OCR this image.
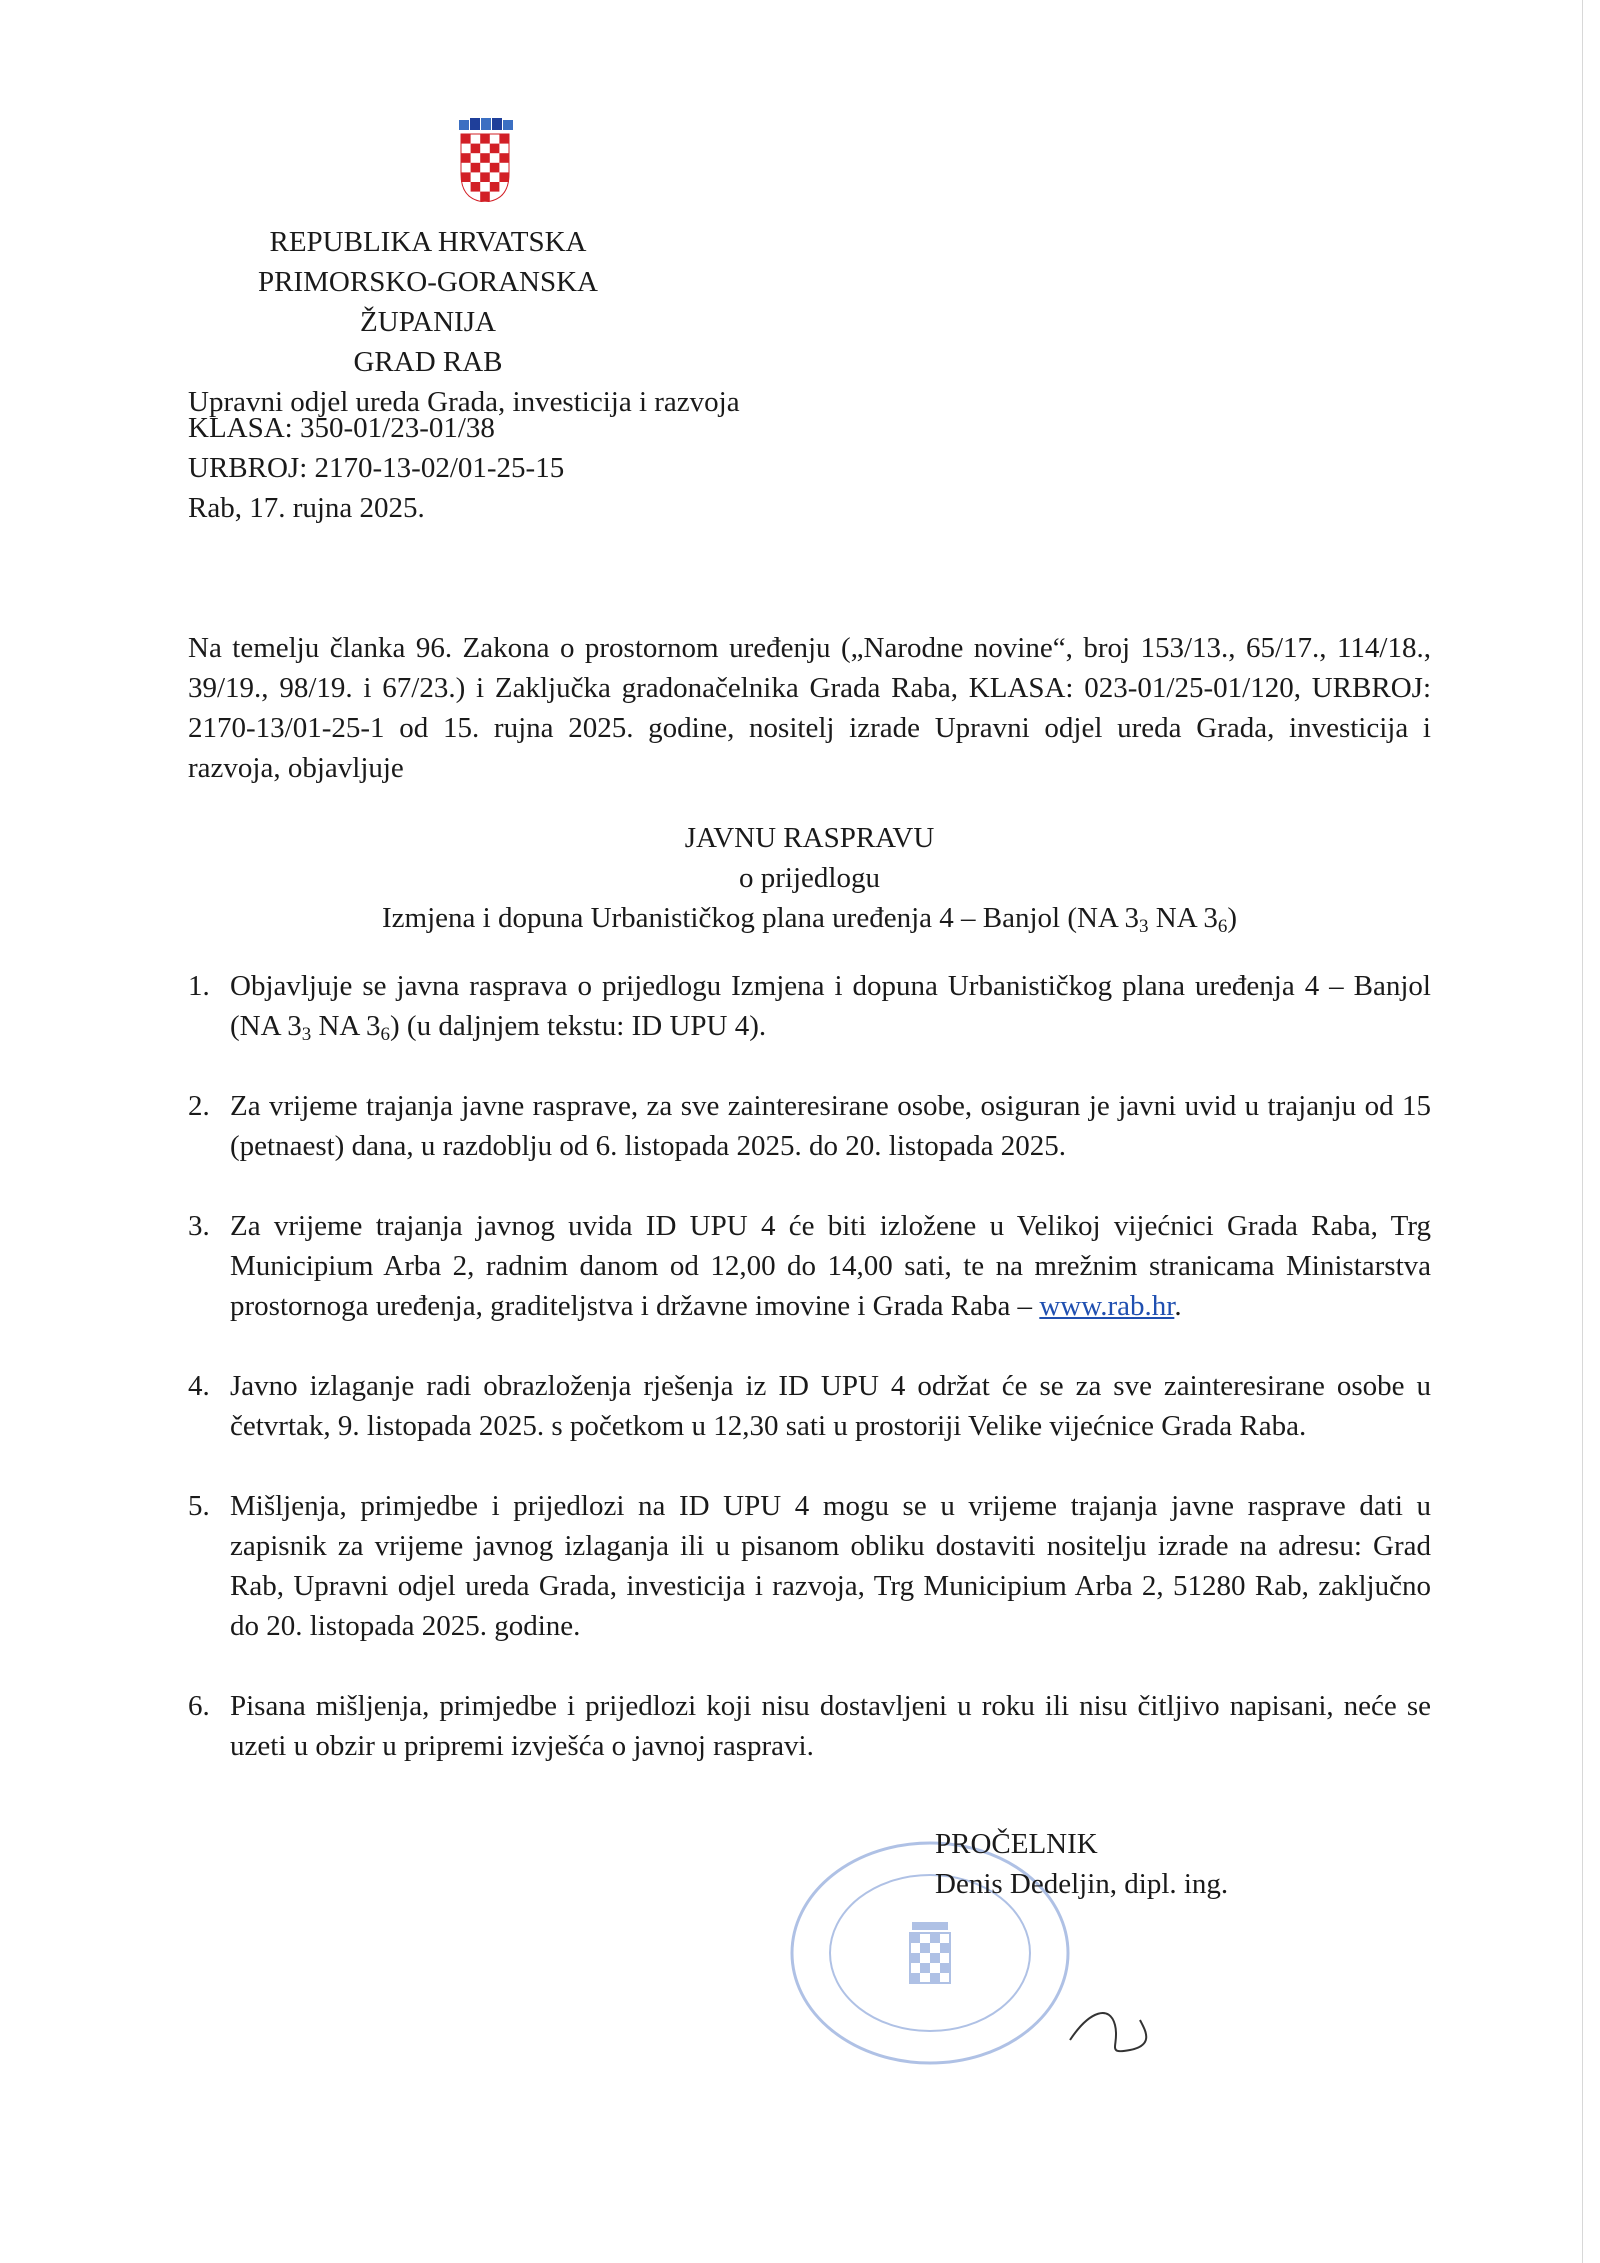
REPUBLIKA HRVATSKA
PRIMORSKO-GORANSKA ŽUPANIJA
GRAD RAB
Upravni odjel ureda Grada, investicija i razvoja
KLASA: 350-01/23-01/38
URBROJ: 2170-13-02/01-25-15
Rab, 17. rujna 2025.
Na temelju članka 96. Zakona o prostornom uređenju („Narodne novine“, broj 153/13., 65/17., 114/18., 39/19., 98/19. i 67/23.) i Zaključka gradonačelnika Grada Raba, KLASA: 023-01/25-01/120, URBROJ: 2170-13/01-25-1 od 15. rujna 2025. godine, nositelj izrade Upravni odjel ureda Grada, investicija i razvoja, objavljuje
JAVNU RASPRAVU
o prijedlogu
Izmjena i dopuna Urbanističkog plana uređenja 4 – Banjol (NA $3_3$ NA $3_6$)
1. Objavljuje se javna rasprava o prijedlogu Izmjena i dopuna Urbanističkog plana uređenja 4 – Banjol (NA $3_3$ NA $3_6$) (u daljnjem tekstu: ID UPU 4).
2. Za vrijeme trajanja javne rasprave, za sve zainteresirane osobe, osiguran je javni uvid u trajanju od 15 (petnaest) dana, u razdoblju od 6. listopada 2025. do 20. listopada 2025.
3. Za vrijeme trajanja javnog uvida ID UPU 4 će biti izložene u Velikoj vijećnici Grada Raba, Trg Municipium Arba 2, radnim danom od 12,00 do 14,00 sati, te na mrežnim stranicama Ministarstva prostornoga uređenja, graditeljstva i državne imovine i Grada Raba – www.rab.hr.
4. Javno izlaganje radi obrazloženja rješenja iz ID UPU 4 održat će se za sve zainteresirane osobe u četvrtak, 9. listopada 2025. s početkom u 12,30 sati u prostoriji Velike vijećnice Grada Raba.
5. Mišljenja, primjedbe i prijedlozi na ID UPU 4 mogu se u vrijeme trajanja javne rasprave dati u zapisnik za vrijeme javnog izlaganja ili u pisanom obliku dostaviti nositelju izrade na adresu: Grad Rab, Upravni odjel ureda Grada, investicija i razvoja, Trg Municipium Arba 2, 51280 Rab, zaključno do 20. listopada 2025. godine.
6. Pisana mišljenja, primjedbe i prijedlozi koji nisu dostavljeni u roku ili nisu čitljivo napisani, neće se uzeti u obzir u pripremi izvješća o javnoj raspravi.
PROČELNIK
Denis Dedeljin, dipl. ing.
